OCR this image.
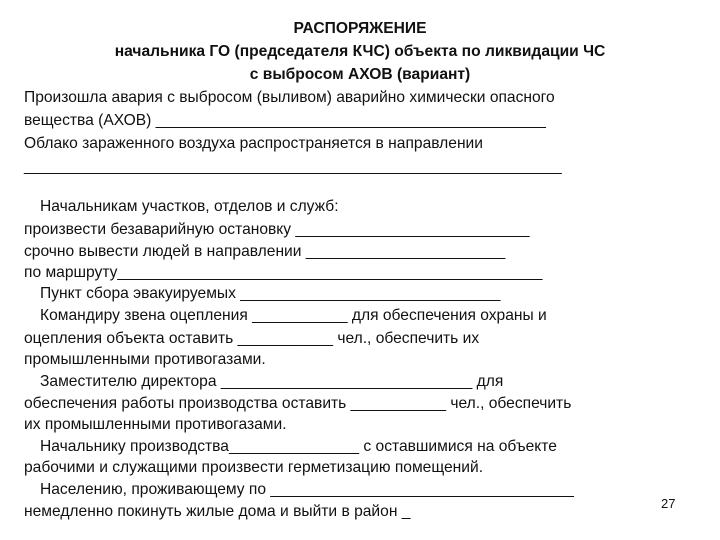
РАСПОРЯЖЕНИЕ
начальника ГО (председателя КЧС) объекта по ликвидации ЧС
с выбросом АХОВ (вариант)
Произошла авария с выбросом (выливом) аварийно химически опасного
вещества (АХОВ) _____________________________________________
Облако зараженного воздуха распространяется в направлении
______________________________________________________________
Начальникам участков, отделов и служб:
произвести безаварийную остановку ___________________________
срочно вывести людей в направлении _______________________
по маршруту_________________________________________________
Пункт сбора эвакуируемых ______________________________
Командиру звена оцепления ___________ для обеспечения охраны и
оцепления объекта оставить ___________ чел., обеспечить их
промышленными противогазами.
Заместителю директора _____________________________ для
обеспечения работы производства оставить ___________ чел., обеспечить
их промышленными противогазами.
Начальнику производства_______________ с оставшимися на объекте
рабочими и служащими произвести герметизацию помещений.
Населению, проживающему по ___________________________________
немедленно покинуть жилые дома и выйти в район _	27
